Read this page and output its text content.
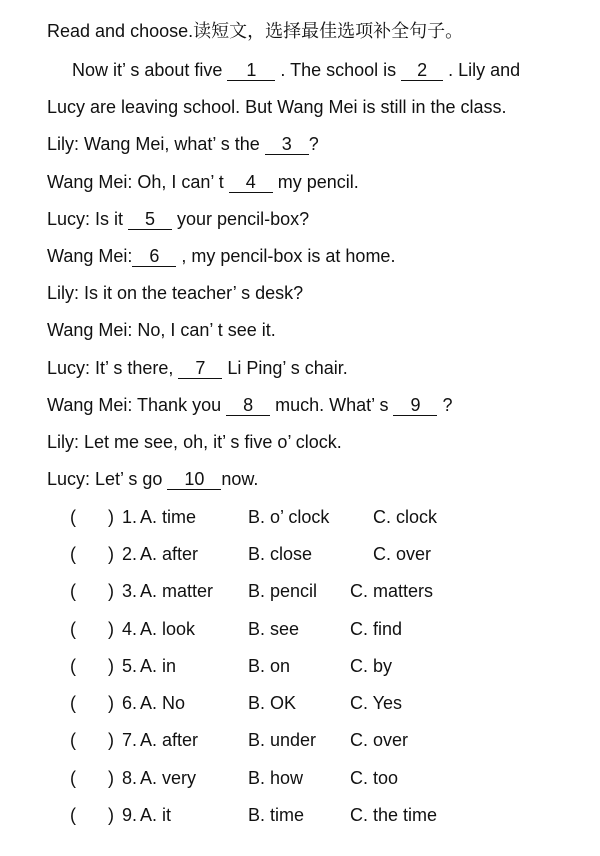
Read and choose.读短文，选择最佳选项补全句子。
Now it’ s about five 1 . The school is 2 . Lily and
Lucy are leaving school. But Wang Mei is still in the class.
Lily: Wang Mei, what’ s the 3 ?
Wang Mei: Oh, I can’ t 4 my pencil.
Lucy: Is it 5 your pencil-box?
Wang Mei: 6 , my pencil-box is at home.
Lily: Is it on the teacher’ s desk?
Wang Mei: No, I can’ t see it.
Lucy: It’ s there, 7 Li Ping’ s chair.
Wang Mei: Thank you 8 much. What’ s 9 ?
Lily: Let me see, oh, it’ s five o’ clock.
Lucy: Let’ s go 10 now.
( ) 1. A. time	B. o’ clock C. clock
( ) 2. A. after	B. close	C. over
( ) 3. A. matter B. pencil C. matters
( ) 4. A. look	B. see	C. find
( ) 5. A. in	B. on	C. by
( ) 6. A. No	B. OK	C. Yes
( ) 7. A. after	B. under C. over
( ) 8. A. very	B. how	C. too
( ) 9. A. it	B. time	C. the time
